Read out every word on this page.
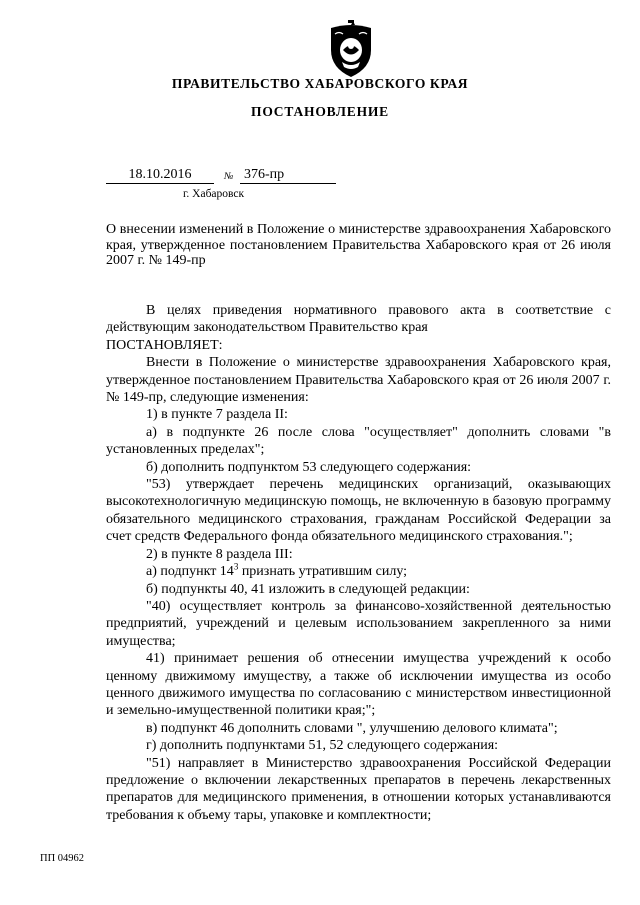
ПРАВИТЕЛЬСТВО ХАБАРОВСКОГО КРАЯ
ПОСТАНОВЛЕНИЕ
18.10.2016	№ 376-пр
г. Хабаровск
О внесении изменений в Положение о министерстве здравоохранения Хабаровского края, утвержденное постановлением Правительства Хабаровского края от 26 июля 2007 г. № 149-пр

В целях приведения нормативного правового акта в соответствие с действующим законодательством Правительство края

ПОСТАНОВЛЯЕТ:

Внести в Положение о министерстве здравоохранения Хабаровского края, утвержденное постановлением Правительства Хабаровского края от 26 июля 2007 г. № 149-пр, следующие изменения:

1) в пункте 7 раздела II:

а) в подпункте 26 после слова "осуществляет" дополнить словами "в установленных пределах";

б) дополнить подпунктом 53 следующего содержания:

"53) утверждает перечень медицинских организаций, оказывающих высокотехнологичную медицинскую помощь, не включенную в базовую программу обязательного медицинского страхования, гражданам Российской Федерации за счет средств Федерального фонда обязательного медицинского страхования.";

2) в пункте 8 раздела III:

а) подпункт $14^3$ признать утратившим силу;

б) подпункты 40, 41 изложить в следующей редакции:

"40) осуществляет контроль за финансово-хозяйственной деятельностью предприятий, учреждений и целевым использованием закрепленного за ними имущества;

41) принимает решения об отнесении имущества учреждений к особо ценному движимому имуществу, а также об исключении имущества из особо ценного движимого имущества по согласованию с министерством инвестиционной и земельно-имущественной политики края;";

в) подпункт 46 дополнить словами ", улучшению делового климата";

г) дополнить подпунктами 51, 52 следующего содержания:

"51) направляет в Министерство здравоохранения Российской Федерации предложение о включении лекарственных препаратов в перечень лекарственных препаратов для медицинского применения, в отношении которых устанавливаются требования к объему тары, упаковке и комплектности;

ПП 04962
